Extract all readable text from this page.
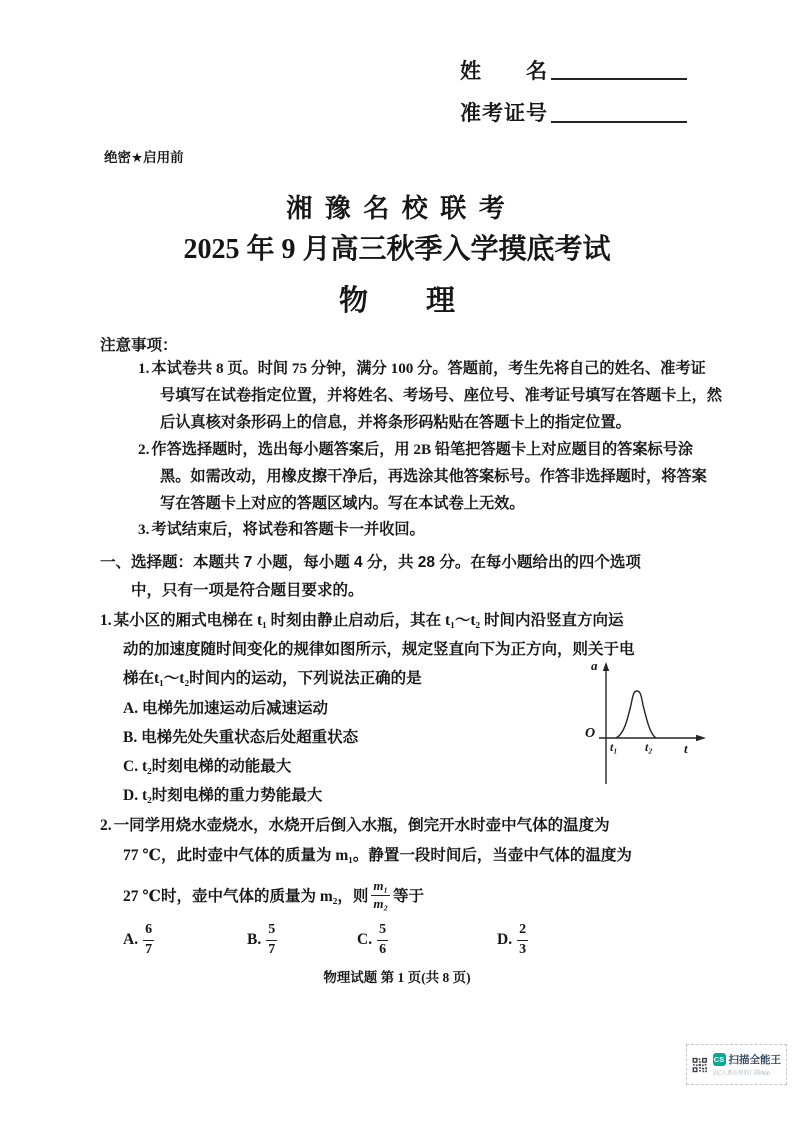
姓　　名
准考证号
绝密★启用前
湘 豫 名 校 联 考
2025 年 9 月高三秋季入学摸底考试
物　　理
注意事项：
1. 本试卷共 8 页。时间 75 分钟，满分 100 分。答题前，考生先将自己的姓名、准考证
号填写在试卷指定位置，并将姓名、考场号、座位号、准考证号填写在答题卡上，然
后认真核对条形码上的信息，并将条形码粘贴在答题卡上的指定位置。
2. 作答选择题时，选出每小题答案后，用 2B 铅笔把答题卡上对应题目的答案标号涂
黑。如需改动，用橡皮擦干净后，再选涂其他答案标号。作答非选择题时，将答案
写在答题卡上对应的答题区域内。写在本试卷上无效。
3. 考试结束后，将试卷和答题卡一并收回。
一、选择题：本题共 7 小题，每小题 4 分，共 28 分。在每小题给出的四个选项
中，只有一项是符合题目要求的。
1. 某小区的厢式电梯在 t₁ 时刻由静止启动后，其在 t₁～t₂ 时间内沿竖直方向运
动的加速度随时间变化的规律如图所示，规定竖直向下为正方向，则关于电
梯在t₁～t₂时间内的运动，下列说法正确的是
A. 电梯先加速运动后减速运动
B. 电梯先处失重状态后处超重状态
C. t₂时刻电梯的动能最大
D. t₂时刻电梯的重力势能最大
a
O
t₁ t₂ t
2. 一同学用烧水壶烧水，水烧开后倒入水瓶，倒完开水时壶中气体的温度为
77 ℃，此时壶中气体的质量为 m₁。静置一段时间后，当壶中气体的温度为
27 ℃时，壶中气体的质量为 m₂，则 $\frac{\text{m₁}}{\text{m₂}}$ 等于
A. $\frac{6}{7}$	B. $\frac{5}{7}$	C. $\frac{5}{6}$	D. $\frac{2}{3}$
物理试题 第 1 页(共 8 页)
CS 扫描全能王
3亿人都在用的扫描App
